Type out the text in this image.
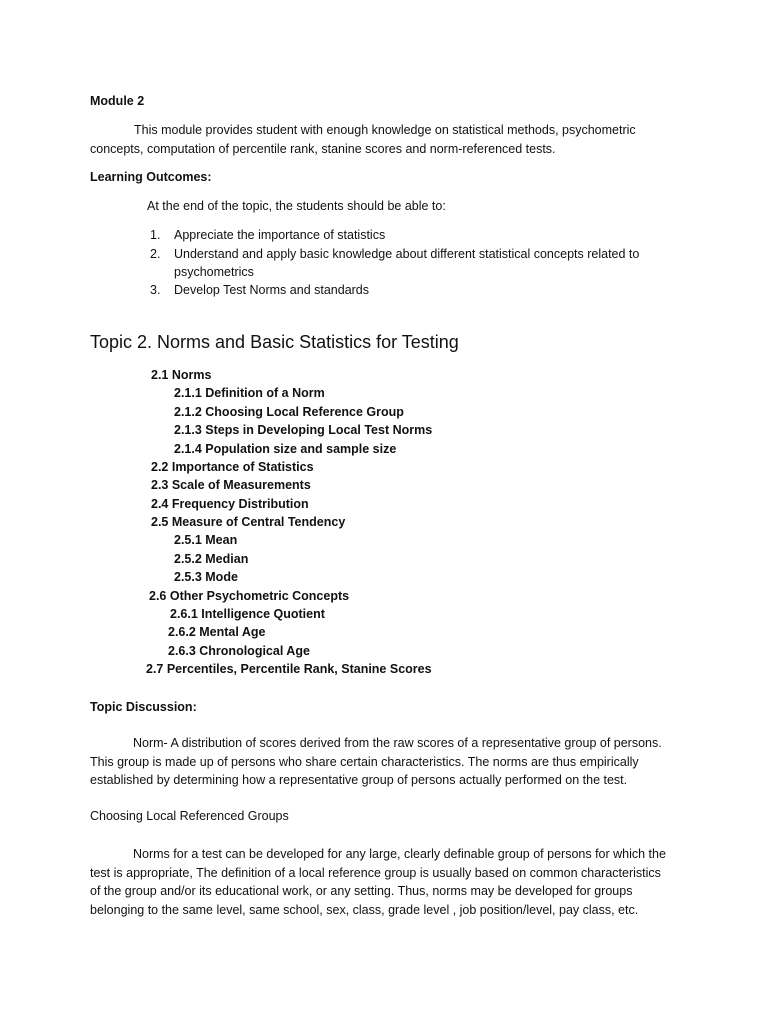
Module 2
This module provides student with enough knowledge on statistical methods, psychometric
concepts, computation of percentile rank, stanine scores and norm-referenced tests.
Learning Outcomes:
At the end of the topic, the students should be able to:
1. Appreciate the importance of statistics
2. Understand and apply basic knowledge about different statistical concepts related to
psychometrics
3. Develop Test Norms and standards
Topic 2. Norms and Basic Statistics for Testing
2.1 Norms
2.1.1 Definition of a Norm
2.1.2 Choosing Local Reference Group
2.1.3 Steps in Developing Local Test Norms
2.1.4 Population size and sample size
2.2 Importance of Statistics
2.3 Scale of Measurements
2.4 Frequency Distribution
2.5 Measure of Central Tendency
2.5.1 Mean
2.5.2 Median
2.5.3 Mode
2.6 Other Psychometric Concepts
2.6.1 Intelligence Quotient
2.6.2 Mental Age
2.6.3 Chronological Age
2.7 Percentiles, Percentile Rank, Stanine Scores
Topic Discussion:
Norm- A distribution of scores derived from the raw scores of a representative group of persons.
This group is made up of persons who share certain characteristics. The norms are thus empirically
established by determining how a representative group of persons actually performed on the test.
Choosing Local Referenced Groups
Norms for a test can be developed for any large, clearly definable group of persons for which the
test is appropriate, The definition of a local reference group is usually based on common characteristics
of the group and/or its educational work, or any setting. Thus, norms may be developed for groups
belonging to the same level, same school, sex, class, grade level , job position/level, pay class, etc.
